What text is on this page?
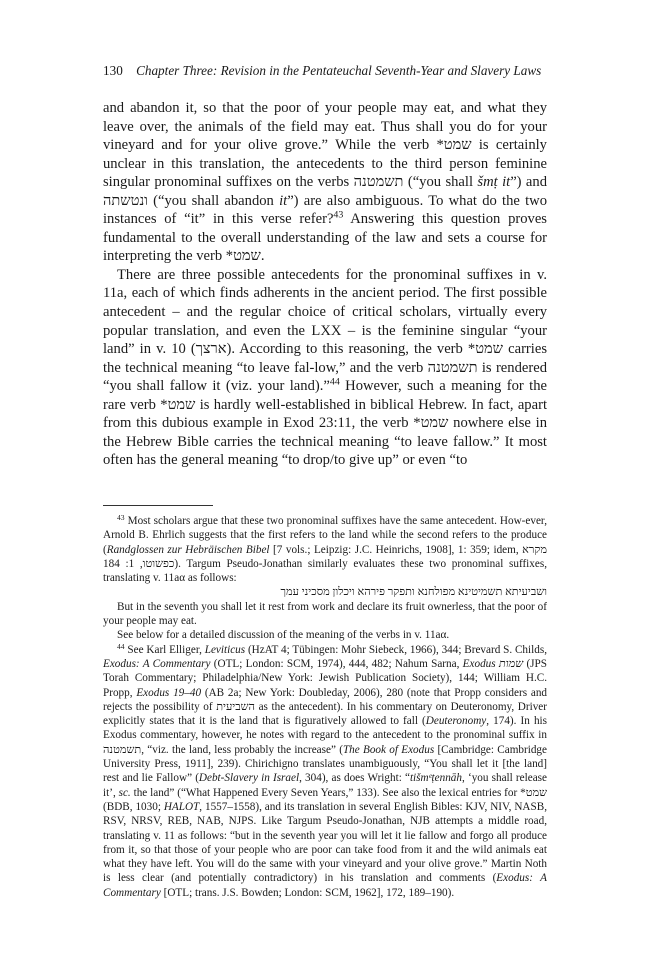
130 Chapter Three: Revision in the Pentateuchal Seventh-Year and Slavery Laws

and abandon it, so that the poor of your people may eat, and what they leave over, the animals of the field may eat. Thus shall you do for your vineyard and for your olive grove.” While the verb *שמט is certainly unclear in this translation, the antecedents to the third person feminine singular pronominal suffixes on the verbs תשמטנה (“you shall šmṭ it”) and ונטשתה (“you shall abandon it”) are also ambiguous. To what do the two instances of “it” in this verse refer?$^{43}$ Answering this question proves fundamental to the overall understanding of the law and sets a course for interpreting the verb *שמט.

There are three possible antecedents for the pronominal suffixes in v. 11a, each of which finds adherents in the ancient period. The first possible antecedent – and the regular choice of critical scholars, virtually every popular translation, and even the LXX – is the feminine singular “your land” in v. 10 (ארצך). According to this reasoning, the verb *שמט carries the technical meaning “to leave fal-low,” and the verb תשמטנה is rendered “you shall fallow it (viz. your land).”$^{44}$ However, such a meaning for the rare verb *שמט is hardly well-established in biblical Hebrew. In fact, apart from this dubious example in Exod 23:11, the verb *שמט nowhere else in the Hebrew Bible carries the technical meaning “to leave fallow.” It most often has the general meaning “to drop/to give up” or even “to

$^{43}$ Most scholars argue that these two pronominal suffixes have the same antecedent. How-ever, Arnold B. Ehrlich suggests that the first refers to the land while the second refers to the produce (Randglossen zur Hebräischen Bibel [7 vols.; Leipzig: J.C. Heinrichs, 1908], 1: 359; idem, מקרא כפשוטו, 1: 184). Targum Pseudo-Jonathan similarly evaluates these two pronominal suffixes, translating v. 11aα as follows:

ושביעיתא תשמיטינא מפולחנא ותפקר פירהא ויכלון מסכיני עמך

But in the seventh you shall let it rest from work and declare its fruit ownerless, that the poor of your people may eat.

See below for a detailed discussion of the meaning of the verbs in v. 11aα.

$^{44}$ See Karl Elliger, Leviticus (HzAT 4; Tübingen: Mohr Siebeck, 1966), 344; Brevard S. Childs, Exodus: A Commentary (OTL; London: SCM, 1974), 444, 482; Nahum Sarna, Exodus שמות (JPS Torah Commentary; Philadelphia/New York: Jewish Publication Society), 144; William H.C. Propp, Exodus 19–40 (AB 2a; New York: Doubleday, 2006), 280 (note that Propp considers and rejects the possibility of השביעית as the antecedent). In his commentary on Deuteronomy, Driver explicitly states that it is the land that is figuratively allowed to fall (Deuteronomy, 174). In his Exodus commentary, however, he notes with regard to the antecedent to the pronominal suffix in תשמטנה, “viz. the land, less probably the increase” (The Book of Exodus [Cambridge: Cambridge University Press, 1911], 239). Chirichigno translates unambiguously, “You shall let it [the land] rest and lie Fallow” (Debt-Slavery in Israel, 304), as does Wright: “tišmᵉṭennāh, ‘you shall release it’, sc. the land” (“What Happened Every Seven Years,” 133). See also the lexical entries for *שמט (BDB, 1030; HALOT, 1557–1558), and its translation in several English Bibles: KJV, NIV, NASB, RSV, NRSV, REB, NAB, NJPS. Like Targum Pseudo-Jonathan, NJB attempts a middle road, translating v. 11 as follows: “but in the seventh year you will let it lie fallow and forgo all produce from it, so that those of your people who are poor can take food from it and the wild animals eat what they have left. You will do the same with your vineyard and your olive grove.” Martin Noth is less clear (and potentially contradictory) in his translation and comments (Exodus: A Commentary [OTL; trans. J.S. Bowden; London: SCM, 1962], 172, 189–190).
